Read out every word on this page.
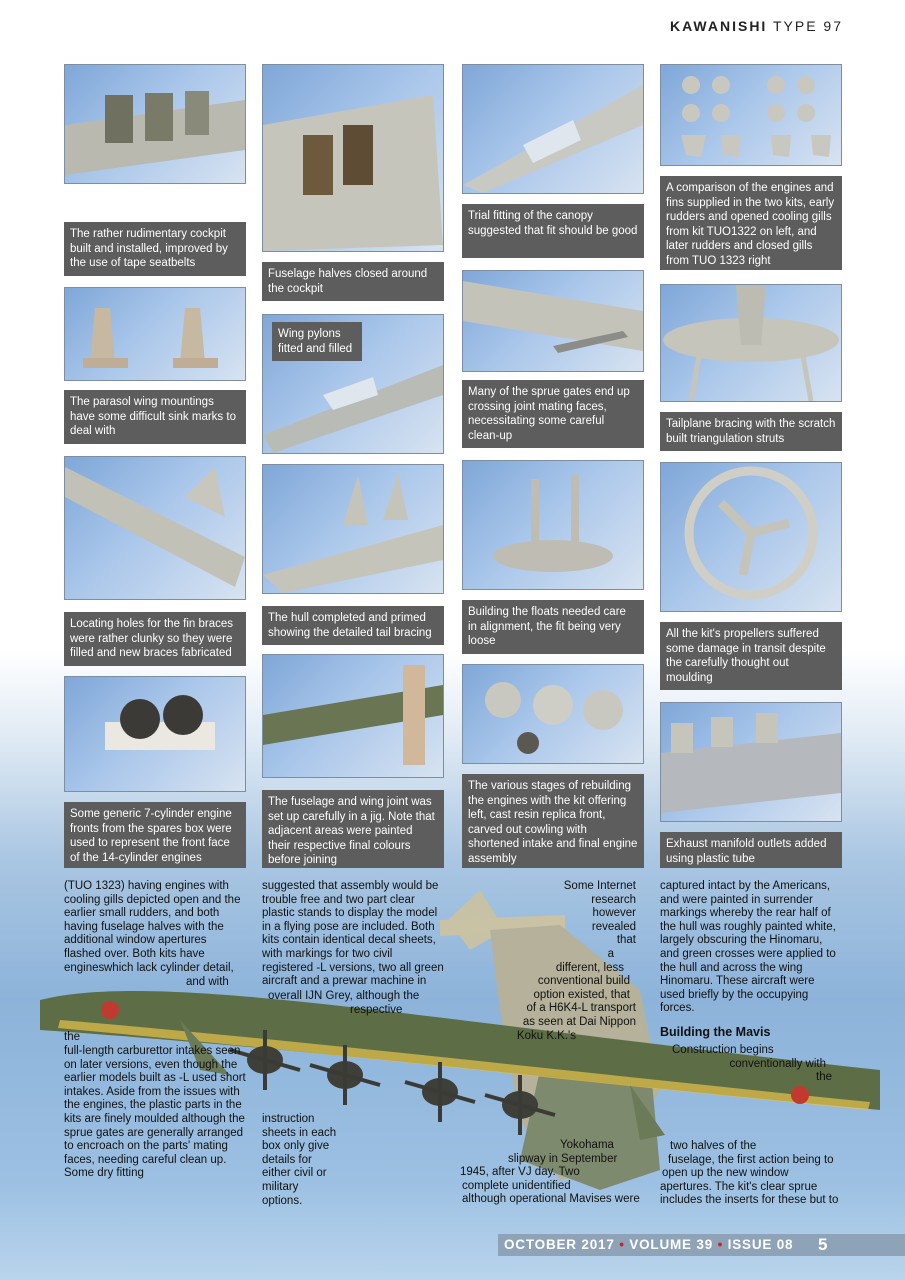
KAWANISHI TYPE 97
The rather rudimentary cockpit built and installed, improved by the use of tape seatbelts
The parasol wing mountings have some difficult sink marks to deal with
Locating holes for the fin braces were rather clunky so they were filled and new braces fabricated
Some generic 7-cylinder engine fronts from the spares box were used to represent the front face of the 14-cylinder engines
Fuselage halves closed around the cockpit
Wing pylons fitted and filled
The hull completed and primed showing the detailed tail bracing
The fuselage and wing joint was set up carefully in a jig. Note that adjacent areas were painted their respective final colours before joining
Trial fitting of the canopy suggested that fit should be good
Many of the sprue gates end up crossing joint mating faces, necessitating some careful clean-up
Building the floats needed care in alignment, the fit being very loose
The various stages of rebuilding the engines with the kit offering left, cast resin replica front, carved out cowling with shortened intake and final engine assembly
A comparison of the engines and fins supplied in the two kits, early rudders and opened cooling gills from kit TUO1322 on left, and later rudders and closed gills from TUO 1323 right
Tailplane bracing with the scratch built triangulation struts
All the kit's propellers suffered some damage in transit despite the carefully thought out moulding
Exhaust manifold outlets added using plastic tube

(TUO 1323) having engines with cooling gills depicted open and the earlier small rudders, and both having fuselage halves with the additional window apertures flashed over. Both kits have engines which lack cylinder detail,

and with

the

full-length carburettor intakes seen on later versions, even though the earlier models built as -L used short intakes. Aside from the issues with the engines, the plastic parts in the kits are finely moulded although the sprue gates are generally arranged to encroach on the parts' mating faces, needing careful clean up. Some dry fitting

suggested that assembly would be trouble free and two part clear plastic stands to display the model in a flying pose are included. Both kits contain identical decal sheets, with markings for two civil registered -L versions, two all green aircraft and a prewar machine in

overall IJN Grey, although the

respective

instruction sheets in each box only give details for either civil or military options.

Some Internet
research
however
revealed
that
a
different, less
conventional build
option existed, that
of a H6K4-L transport
as seen at Dai Nippon
Koku K.K.'s
Yokohama
slipway in September
1945, after VJ day. Two
complete unidentified
although operational Mavises were

captured intact by the Americans, and were painted in surrender markings whereby the rear half of the hull was roughly painted white, largely obscuring the Hinomaru, and green crosses were applied to the hull and across the wing Hinomaru. These aircraft were used briefly by the occupying forces.

Building the Mavis

Construction begins
conventionally with
the
two halves of the
fuselage, the first action being to
open up the new window
apertures. The kit's clear sprue
includes the inserts for these but to
OCTOBER 2017 • VOLUME 39 • ISSUE 08 5
